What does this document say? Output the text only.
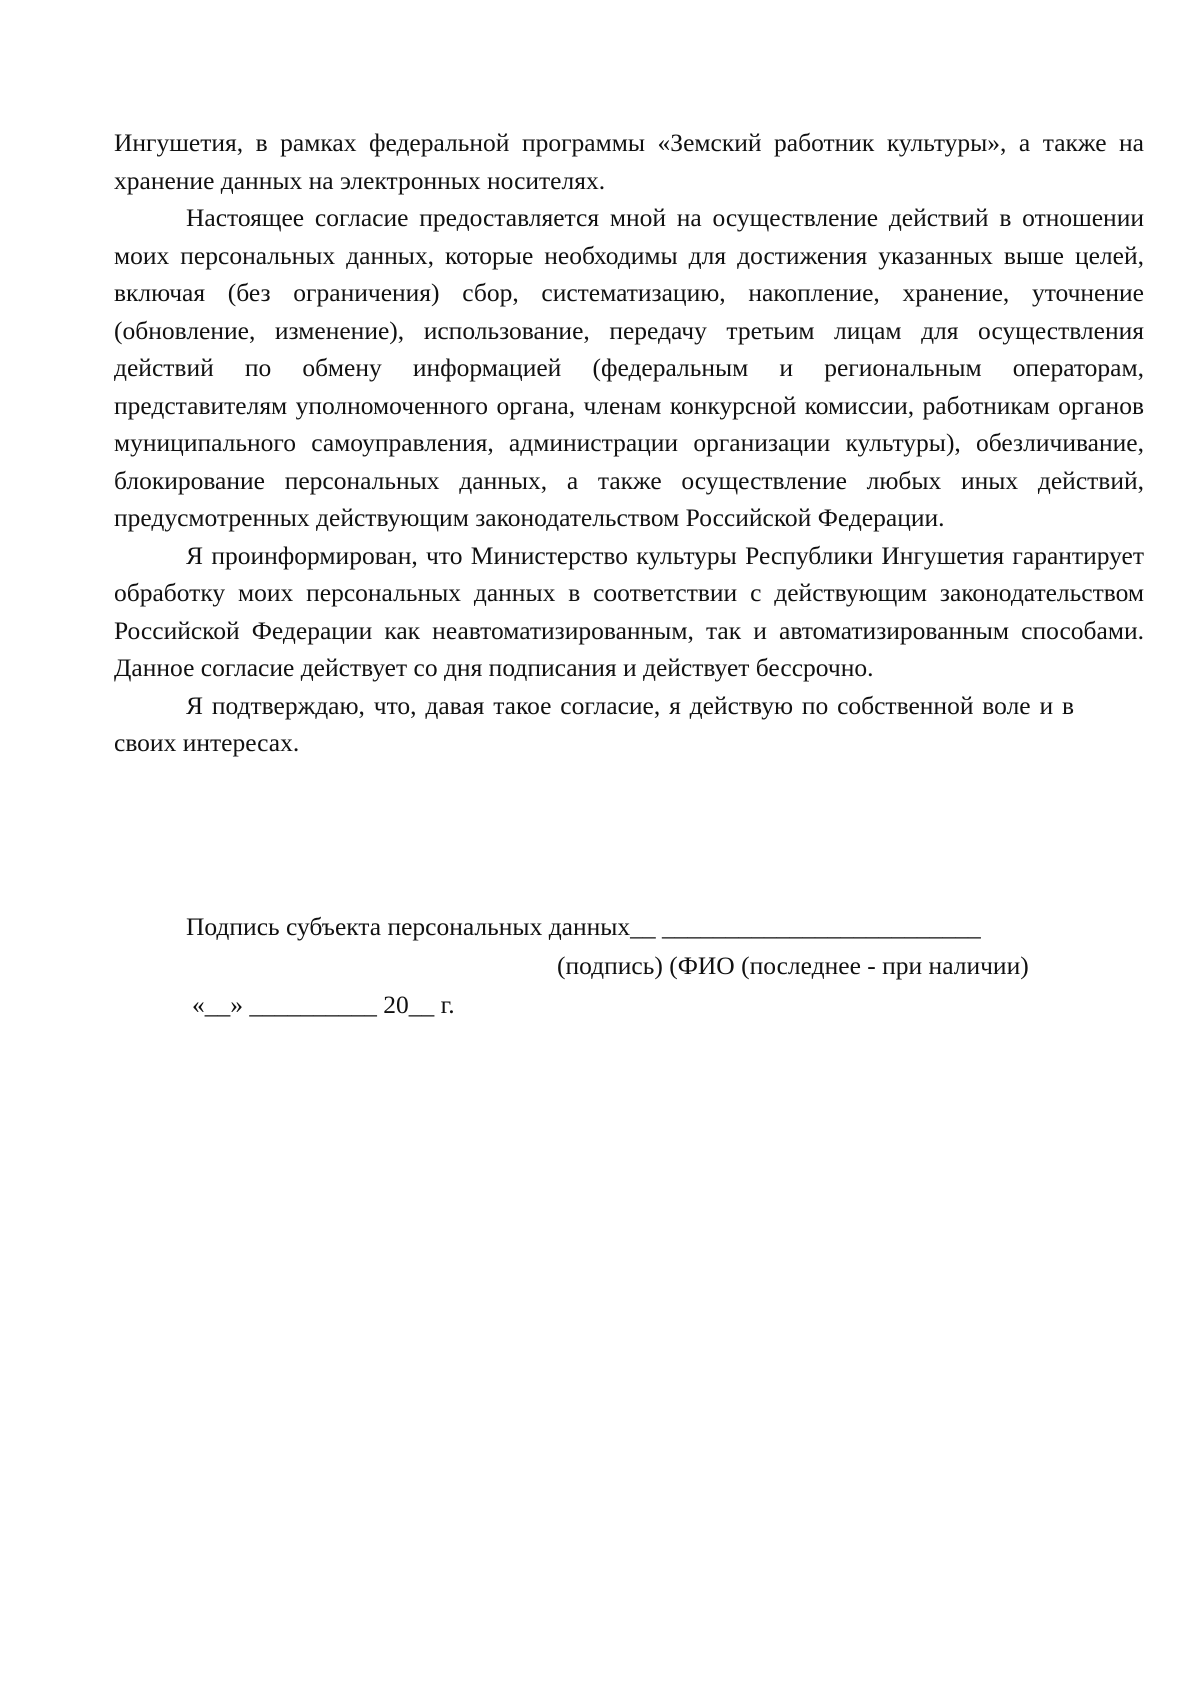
Ингушетия, в рамках федеральной программы «Земский работник культуры», а также на хранение данных на электронных носителях.

Настоящее согласие предоставляется мной на осуществление действий в отношении моих персональных данных, которые необходимы для достижения указанных выше целей, включая (без ограничения) сбор, систематизацию, накопление, хранение, уточнение (обновление, изменение), использование, передачу третьим лицам для осуществления действий по обмену информацией (федеральным и региональным операторам, представителям уполномоченного органа, членам конкурсной комиссии, работникам органов муниципального самоуправления, администрации организации культуры), обезличивание, блокирование персональных данных, а также осуществление любых иных действий, предусмотренных действующим законодательством Российской Федерации.

Я проинформирован, что Министерство культуры Республики Ингушетия гарантирует обработку моих персональных данных в соответствии с действующим законодательством Российской Федерации как неавтоматизированным, так и автоматизированным способами. Данное согласие действует со дня подписания и действует бессрочно.

Я подтверждаю, что, давая такое согласие, я действую по собственной воле и в своих интересах.

Подпись субъекта персональных данных__ _________________________
(подпись) (ФИО (последнее - при наличии)
«__» __________ 20__ г.
